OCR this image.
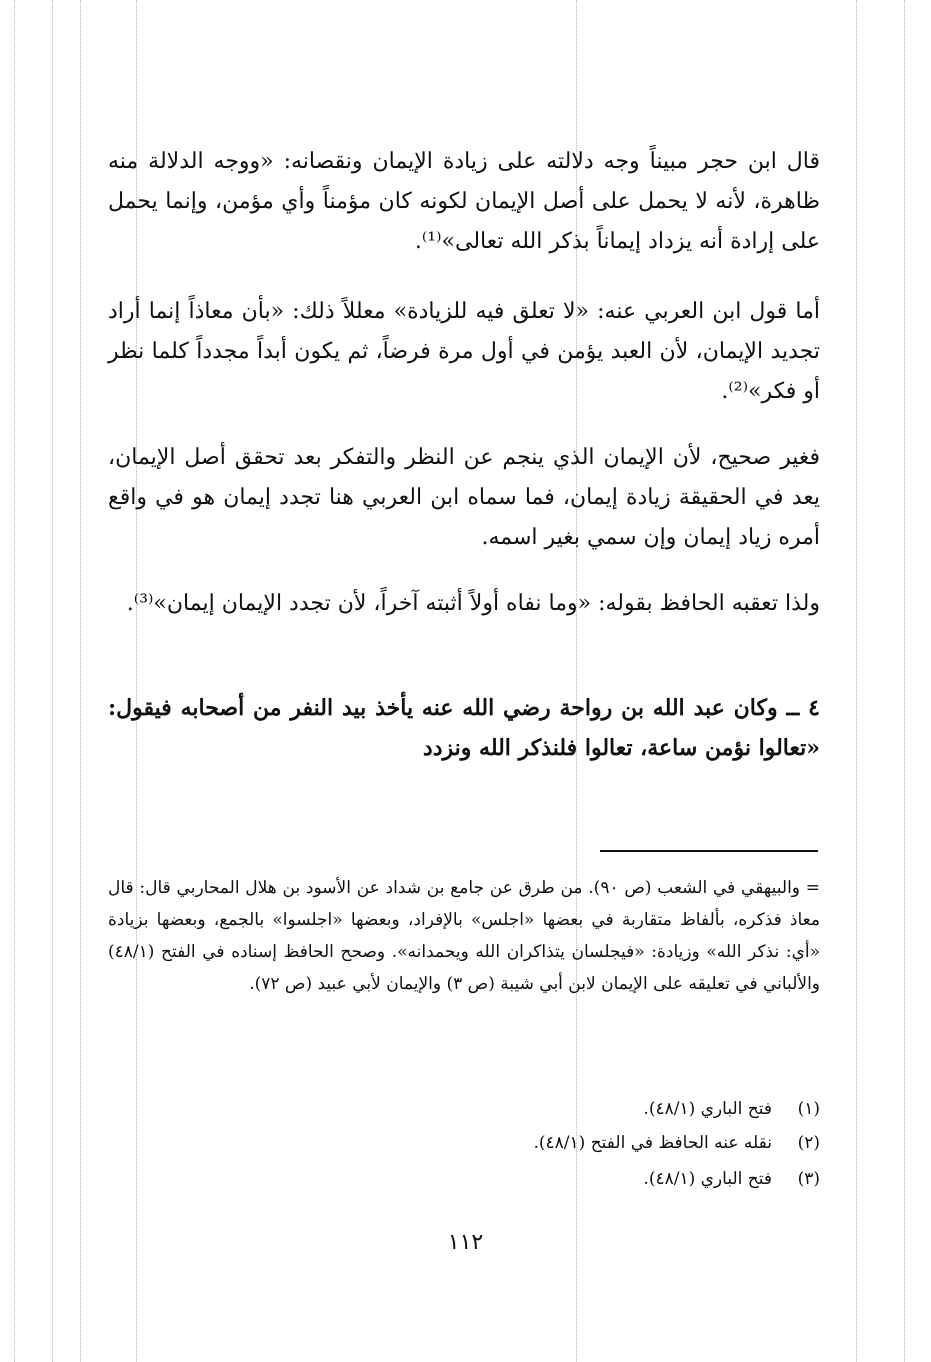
قال ابن حجر مبيناً وجه دلالته على زيادة الإيمان ونقصانه: «ووجه الدلالة منه ظاهرة، لأنه لا يحمل على أصل الإيمان لكونه كان مؤمناً وأي مؤمن، وإنما يحمل على إرادة أنه يزداد إيماناً بذكر الله تعالى»⁽¹⁾.

أما قول ابن العربي عنه: «لا تعلق فيه للزيادة» معللاً ذلك: «بأن معاذاً إنما أراد تجديد الإيمان، لأن العبد يؤمن في أول مرة فرضاً، ثم يكون أبداً مجدداً كلما نظر أو فكر»⁽²⁾.

فغير صحيح، لأن الإيمان الذي ينجم عن النظر والتفكر بعد تحقق أصل الإيمان، يعد في الحقيقة زيادة إيمان، فما سماه ابن العربي هنا تجدد إيمان هو في واقع أمره زياد إيمان وإن سمي بغير اسمه.

ولذا تعقبه الحافظ بقوله: «وما نفاه أولاً أثبته آخراً، لأن تجدد الإيمان إيمان»⁽³⁾.

٤ ــ وكان عبد الله بن رواحة رضي الله عنه يأخذ بيد النفر من أصحابه فيقول: «تعالوا نؤمن ساعة، تعالوا فلنذكر الله ونزدد

= والبيهقي في الشعب (ص ٩٠). من طرق عن جامع بن شداد عن الأسود بن هلال المحاربي قال: قال معاذ فذكره، بألفاظ متقاربة في بعضها «اجلس» بالإفراد، وبعضها «اجلسوا» بالجمع، وبعضها بزيادة «أي: نذكر الله» وزيادة: «فيجلسان يتذاكران الله ويحمدانه». وصحح الحافظ إسناده في الفتح (٤٨/١) والألباني في تعليقه على الإيمان لابن أبي شيبة (ص ٣) والإيمان لأبي عبيد (ص ٧٢).

(١)فتح الباري (٤٨/١).

(٢)نقله عنه الحافظ في الفتح (٤٨/١).

(٣)فتح الباري (٤٨/١).

١١٢
